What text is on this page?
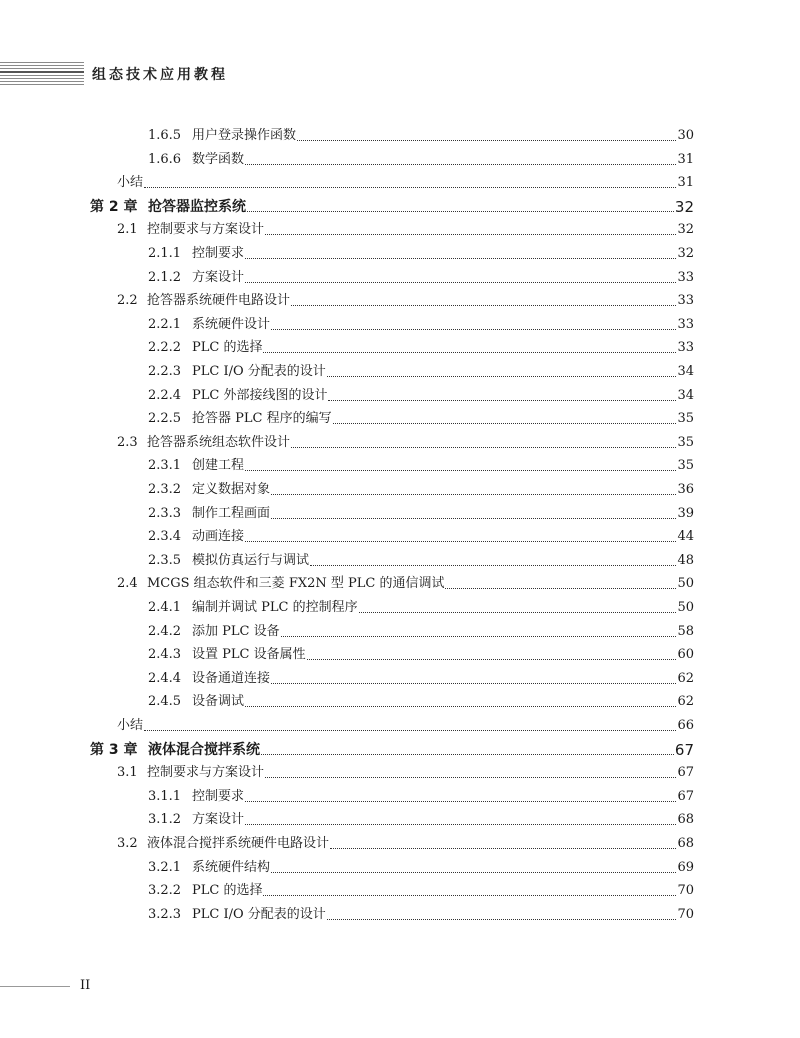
组态技术应用教程
1.6.5 用户登录操作函数	30
1.6.6 数学函数	31
小结	31
第 2 章 抢答器监控系统	32
2.1 控制要求与方案设计	32
2.1.1 控制要求	32
2.1.2 方案设计	33
2.2 抢答器系统硬件电路设计	33
2.2.1 系统硬件设计	33
2.2.2 PLC 的选择	33
2.2.3 PLC I/O 分配表的设计	34
2.2.4 PLC 外部接线图的设计	34
2.2.5 抢答器 PLC 程序的编写	35
2.3 抢答器系统组态软件设计	35
2.3.1 创建工程	35
2.3.2 定义数据对象	36
2.3.3 制作工程画面	39
2.3.4 动画连接	44
2.3.5 模拟仿真运行与调试	48
2.4 MCGS 组态软件和三菱 FX2N 型 PLC 的通信调试	50
2.4.1 编制并调试 PLC 的控制程序	50
2.4.2 添加 PLC 设备	58
2.4.3 设置 PLC 设备属性	60
2.4.4 设备通道连接	62
2.4.5 设备调试	62
小结	66
第 3 章 液体混合搅拌系统	67
3.1 控制要求与方案设计	67
3.1.1 控制要求	67
3.1.2 方案设计	68
3.2 液体混合搅拌系统硬件电路设计	68
3.2.1 系统硬件结构	69
3.2.2 PLC 的选择	70
3.2.3 PLC I/O 分配表的设计	70
II
